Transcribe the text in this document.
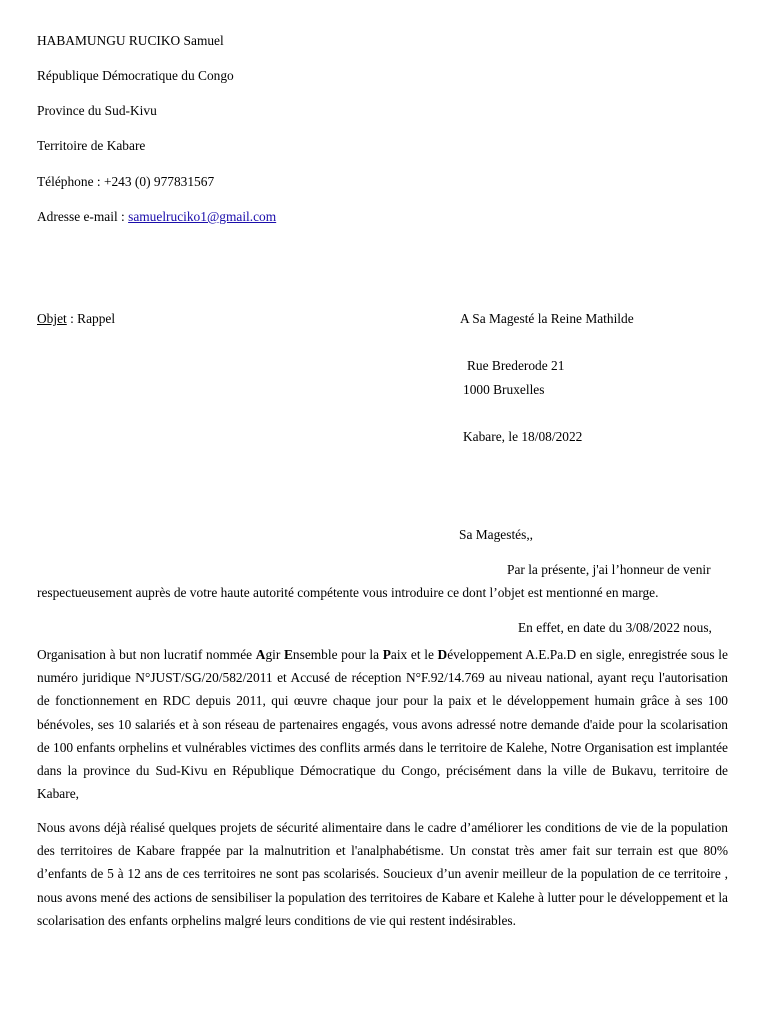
HABAMUNGU RUCIKO Samuel
République Démocratique du Congo
Province du Sud-Kivu
Territoire de Kabare
Téléphone : +243 (0) 977831567
Adresse e-mail : samuelruciko1@gmail.com
Objet : Rappel	A Sa Magesté la Reine Mathilde
Rue Brederode 21
1000 Bruxelles
Kabare, le 18/08/2022
Sa Magestés,,
Par la présente, j'ai l’honneur de venir
respectueusement auprès de votre haute autorité compétente vous introduire ce dont l’objet est mentionné en marge.
En effet, en date du 3/08/2022 nous,
Organisation à but non lucratif nommée Agir Ensemble pour la Paix et le Développement A.E.Pa.D en sigle, enregistrée sous le numéro juridique N°JUST/SG/20/582/2011 et Accusé de réception N°F.92/14.769 au niveau national, ayant reçu l'autorisation de fonctionnement en RDC depuis 2011, qui œuvre chaque jour pour la paix et le développement humain grâce à ses 100 bénévoles, ses 10 salariés et à son réseau de partenaires engagés, vous avons adressé notre demande d'aide pour la scolarisation de 100 enfants orphelins et vulnérables victimes des conflits armés dans le territoire de Kalehe, Notre Organisation est implantée dans la province du Sud-Kivu en République Démocratique du Congo, précisément dans la ville de Bukavu, territoire de Kabare,
Nous avons déjà réalisé quelques projets de sécurité alimentaire dans le cadre d’améliorer les conditions de vie de la population des territoires de Kabare frappée par la malnutrition et l'analphabétisme. Un constat très amer fait sur terrain est que 80% d’enfants de 5 à 12 ans de ces territoires ne sont pas scolarisés. Soucieux d’un avenir meilleur de la population de ce territoire , nous avons mené des actions de sensibiliser la population des territoires de Kabare et Kalehe à lutter pour le développement et la scolarisation des enfants orphelins malgré leurs conditions de vie qui restent indésirables.
